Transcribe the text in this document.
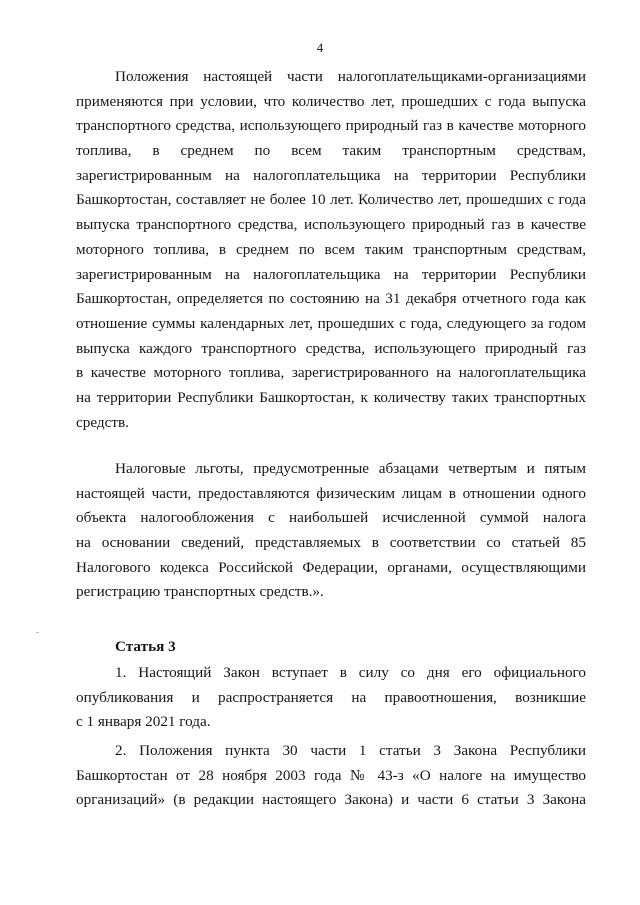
4
Положения настоящей части налогоплательщиками-организациями
применяются при условии, что количество лет, прошедших с года выпуска
транспортного средства, использующего природный газ в качестве моторного
топлива, в среднем по всем таким транспортным средствам,
зарегистрированным на налогоплательщика на территории Республики
Башкортостан, составляет не более 10 лет. Количество лет, прошедших с года
выпуска транспортного средства, использующего природный газ в качестве
моторного топлива, в среднем по всем таким транспортным средствам,
зарегистрированным на налогоплательщика на территории Республики
Башкортостан, определяется по состоянию на 31 декабря отчетного года как
отношение суммы календарных лет, прошедших с года, следующего за годом
выпуска каждого транспортного средства, использующего природный газ
в качестве моторного топлива, зарегистрированного на налогоплательщика
на территории Республики Башкортостан, к количеству таких транспортных
средств.
Налоговые льготы, предусмотренные абзацами четвертым и пятым
настоящей части, предоставляются физическим лицам в отношении одного
объекта налогообложения с наибольшей исчисленной суммой налога
на основании сведений, представляемых в соответствии со статьей 85
Налогового кодекса Российской Федерации, органами, осуществляющими
регистрацию транспортных средств.».
Статья 3
1. Настоящий Закон вступает в силу со дня его официального
опубликования и распространяется на правоотношения, возникшие
с 1 января 2021 года.
2. Положения пункта 30 части 1 статьи 3 Закона Республики
Башкортостан от 28 ноября 2003 года № 43-з «О налоге на имущество
организаций» (в редакции настоящего Закона) и части 6 статьи 3 Закона
